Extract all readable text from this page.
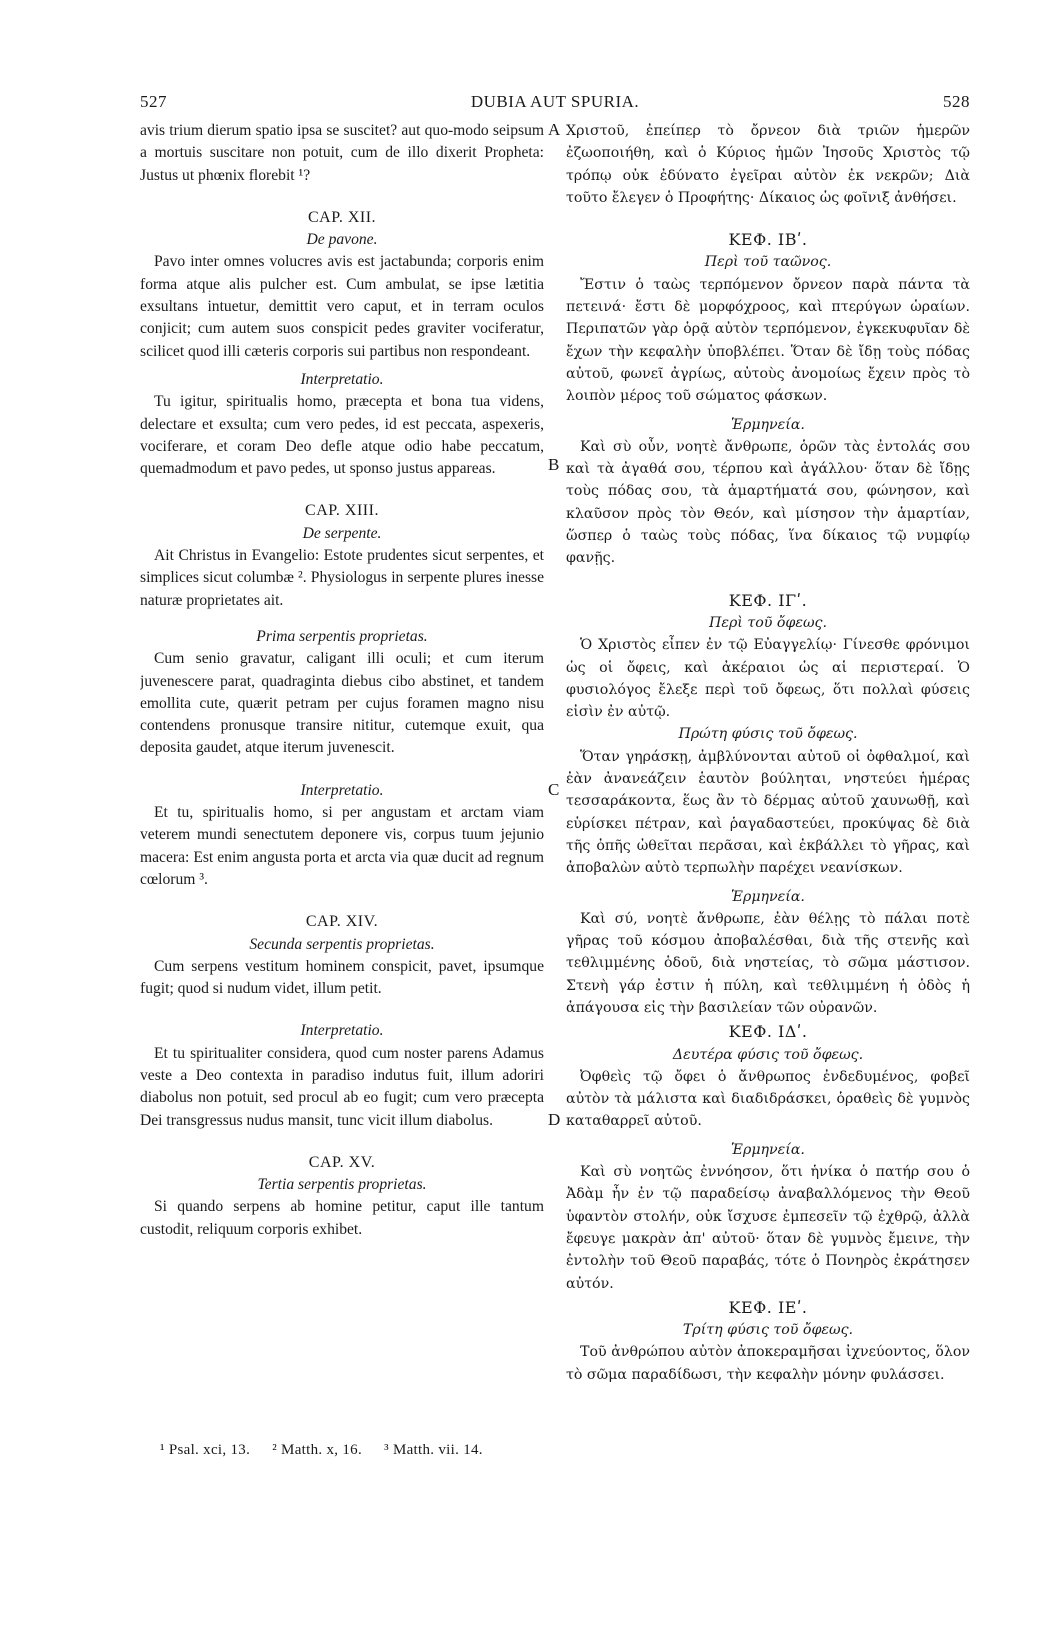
527	DUBIA AUT SPURIA.	528

avis trium dierum spatio ipsa se suscitet? aut quo-modo seipsum a mortuis suscitare non potuit, cum de illo dixerit Propheta: Justus ut phœnix florebit ¹?

CAP. XII.
De pavone.

Pavo inter omnes volucres avis est jactabunda; corporis enim forma atque alis pulcher est. Cum ambulat, se ipse lætitia exsultans intuetur, demittit vero caput, et in terram oculos conjicit; cum autem suos conspicit pedes graviter vociferatur, scilicet quod illi cæteris corporis sui partibus non respondeant.

Interpretatio.

Tu igitur, spiritualis homo, præcepta et bona tua videns, delectare et exsulta; cum vero pedes, id est peccata, aspexeris, vociferare, et coram Deo defle atque odio habe peccatum, quemadmodum et pavo pedes, ut sponso justus appareas.

CAP. XIII.
De serpente.

Ait Christus in Evangelio: Estote prudentes sicut serpentes, et simplices sicut columbæ ². Physiologus in serpente plures inesse naturæ proprietates ait.

Prima serpentis proprietas.

Cum senio gravatur, caligant illi oculi; et cum iterum juvenescere parat, quadraginta diebus cibo abstinet, et tandem emollita cute, quærit petram per cujus foramen magno nisu contendens pronusque transire nititur, cutemque exuit, qua deposita gaudet, atque iterum juvenescit.

Interpretatio.

Et tu, spiritualis homo, si per angustam et arctam viam veterem mundi senectutem deponere vis, corpus tuum jejunio macera: Est enim angusta porta et arcta via quæ ducit ad regnum cœlorum ³.

CAP. XIV.
Secunda serpentis proprietas.

Cum serpens vestitum hominem conspicit, pavet, ipsumque fugit; quod si nudum videt, illum petit.

Interpretatio.

Et tu spiritualiter considera, quod cum noster parens Adamus veste a Deo contexta in paradiso indutus fuit, illum adoriri diabolus non potuit, sed procul ab eo fugit; cum vero præcepta Dei transgressus nudus mansit, tunc vicit illum diabolus.

CAP. XV.
Tertia serpentis proprietas.

Si quando serpens ab homine petitur, caput ille tantum custodit, reliquum corporis exhibet.

A
B
C
D

Χριστοῦ, ἐπείπερ τὸ ὄρνεον διὰ τριῶν ἡμερῶν ἐζωοποιήθη, καὶ ὁ Κύριος ἡμῶν Ἰησοῦς Χριστὸς τῷ τρόπῳ οὐκ ἐδύνατο ἐγεῖραι αὐτὸν ἐκ νεκρῶν; Διὰ τοῦτο ἔλεγεν ὁ Προφήτης· Δίκαιος ὡς φοῖνιξ ἀνθήσει.

ΚΕΦ. ΙΒʹ.
Περὶ τοῦ ταῶνος.

Ἔστιν ὁ ταὼς τερπόμενον ὄρνεον παρὰ πάντα τὰ πετεινά· ἔστι δὲ μορφόχροος, καὶ πτερύγων ὡραίων. Περιπατῶν γὰρ ὁρᾷ αὐτὸν τερπόμενον, ἐγκεκυφυῖαν δὲ ἔχων τὴν κεφαλὴν ὑποβλέπει. Ὅταν δὲ ἴδῃ τοὺς πόδας αὐτοῦ, φωνεῖ ἀγρίως, αὐτοὺς ἀνομοίως ἔχειν πρὸς τὸ λοιπὸν μέρος τοῦ σώματος φάσκων.

Ἑρμηνεία.

Καὶ σὺ οὖν, νοητὲ ἄνθρωπε, ὁρῶν τὰς ἐντολάς σου καὶ τὰ ἀγαθά σου, τέρπου καὶ ἀγάλλου· ὅταν δὲ ἴδῃς τοὺς πόδας σου, τὰ ἁμαρτήματά σου, φώνησον, καὶ κλαῦσον πρὸς τὸν Θεόν, καὶ μίσησον τὴν ἁμαρτίαν, ὥσπερ ὁ ταὼς τοὺς πόδας, ἵνα δίκαιος τῷ νυμφίῳ φανῇς.

ΚΕΦ. ΙΓʹ.
Περὶ τοῦ ὄφεως.

Ὁ Χριστὸς εἶπεν ἐν τῷ Εὐαγγελίῳ· Γίνεσθε φρόνιμοι ὡς οἱ ὄφεις, καὶ ἀκέραιοι ὡς αἱ περιστεραί. Ὁ φυσιολόγος ἔλεξε περὶ τοῦ ὄφεως, ὅτι πολλαὶ φύσεις εἰσὶν ἐν αὐτῷ.

Πρώτη φύσις τοῦ ὄφεως.

Ὅταν γηράσκῃ, ἀμβλύνονται αὐτοῦ οἱ ὀφθαλμοί, καὶ ἐὰν ἀνανεάζειν ἑαυτὸν βούληται, νηστεύει ἡμέρας τεσσαράκοντα, ἕως ἂν τὸ δέρμας αὐτοῦ χαυνωθῇ, καὶ εὑρίσκει πέτραν, καὶ ῥαγαδαστεύει, προκύψας δὲ διὰ τῆς ὀπῆς ὠθεῖται περᾶσαι, καὶ ἐκβάλλει τὸ γῆρας, καὶ ἀποβαλὼν αὐτὸ τερπωλὴν παρέχει νεανίσκων.

Ἑρμηνεία.

Καὶ σύ, νοητὲ ἄνθρωπε, ἐὰν θέλῃς τὸ πάλαι ποτὲ γῆρας τοῦ κόσμου ἀποβαλέσθαι, διὰ τῆς στενῆς καὶ τεθλιμμένης ὁδοῦ, διὰ νηστείας, τὸ σῶμα μάστισον. Στενὴ γάρ ἐστιν ἡ πύλη, καὶ τεθλιμμένη ἡ ὁδὸς ἡ ἀπάγουσα εἰς τὴν βασιλείαν τῶν οὐρανῶν.

ΚΕΦ. ΙΔʹ.
Δευτέρα φύσις τοῦ ὄφεως.

Ὀφθεὶς τῷ ὄφει ὁ ἄνθρωπος ἐνδεδυμένος, φοβεῖ αὐτὸν τὰ μάλιστα καὶ διαδιδράσκει, ὁραθεὶς δὲ γυμνὸς καταθαρρεῖ αὐτοῦ.

Ἑρμηνεία.

Καὶ σὺ νοητῶς ἐννόησον, ὅτι ἡνίκα ὁ πατήρ σου ὁ Ἀδὰμ ἦν ἐν τῷ παραδείσῳ ἀναβαλλόμενος τὴν Θεοῦ ὑφαντὸν στολήν, οὐκ ἴσχυσε ἐμπεσεῖν τῷ ἐχθρῷ, ἀλλὰ ἔφευγε μακρὰν ἀπ' αὐτοῦ· ὅταν δὲ γυμνὸς ἔμεινε, τὴν ἐντολὴν τοῦ Θεοῦ παραβάς, τότε ὁ Πονηρὸς ἐκράτησεν αὐτόν.

ΚΕΦ. ΙΕʹ.
Τρίτη φύσις τοῦ ὄφεως.

Τοῦ ἀνθρώπου αὐτὸν ἀποκεραμῆσαι ἰχνεύοντος, ὅλον τὸ σῶμα παραδίδωσι, τὴν κεφαλὴν μόνην φυλάσσει.

¹ Psal. xci, 13. ² Matth. x, 16. ³ Matth. vii. 14.
